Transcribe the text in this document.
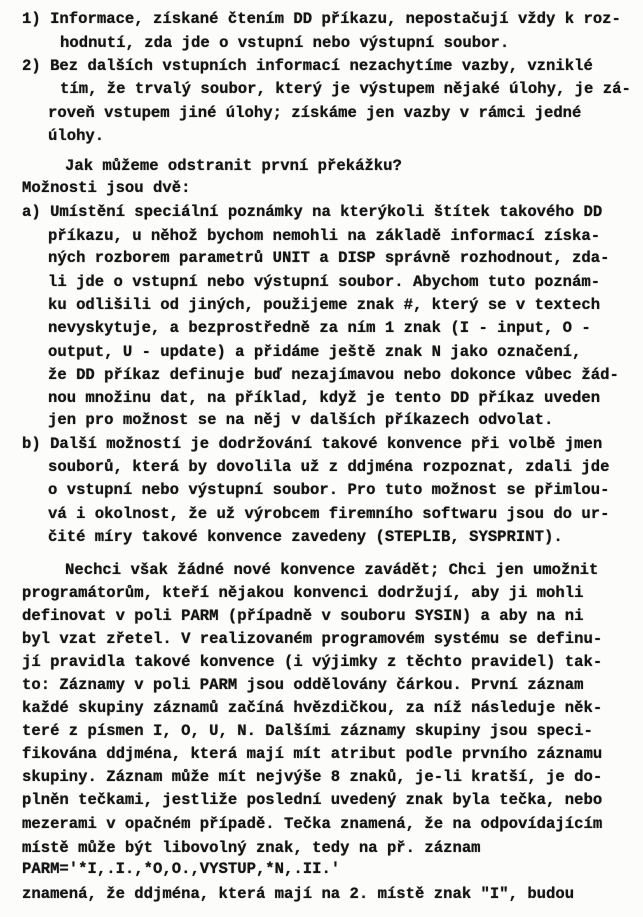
1) Informace, získané čtením DD příkazu, nepostačují vždy k roz-
hodnutí, zda jde o vstupní nebo výstupní soubor.
2) Bez dalších vstupních informací nezachytíme vazby, vzniklé
tím, že trvalý soubor, který je výstupem nějaké úlohy, je zá-
roveň vstupem jiné úlohy; získáme jen vazby v rámci jedné
úlohy.
Jak můžeme odstranit první překážku?
Možnosti jsou dvě:
a) Umístění speciální poznámky na kterýkoli štítek takového DD
příkazu, u něhož bychom nemohli na základě informací získa-
ných rozborem parametrů UNIT a DISP správně rozhodnout, zda-
li jde o vstupní nebo výstupní soubor. Abychom tuto poznám-
ku odlišili od jiných, použijeme znak #, který se v textech
nevyskytuje, a bezprostředně za ním 1 znak (I - input, O -
output, U - update) a přidáme ještě znak N jako označení,
že DD příkaz definuje buď nezajímavou nebo dokonce vůbec žád-
nou množinu dat, na příklad, když je tento DD příkaz uveden
jen pro možnost se na něj v dalších příkazech odvolat.
b) Další možností je dodržování takové konvence při volbě jmen
souborů, která by dovolila už z ddjména rozpoznat, zdali jde
o vstupní nebo výstupní soubor. Pro tuto možnost se přimlou-
vá i okolnost, že už výrobcem firemního softwaru jsou do ur-
čité míry takové konvence zavedeny (STEPLIB, SYSPRINT).
Nechci však žádné nové konvence zavádět; Chci jen umožnit
programátorům, kteří nějakou konvenci dodržují, aby ji mohli
definovat v poli PARM (případně v souboru SYSIN) a aby na ni
byl vzat zřetel. V realizovaném programovém systému se definu-
jí pravidla takové konvence (i výjimky z těchto pravidel) tak-
to: Záznamy v poli PARM jsou oddělovány čárkou. První záznam
každé skupiny záznamů začíná hvězdičkou, za níž následuje něk-
teré z písmen I, O, U, N. Dalšími záznamy skupiny jsou speci-
fikována ddjména, která mají mít atribut podle prvního záznamu
skupiny. Záznam může mít nejvýše 8 znaků, je-li kratší, je do-
plněn tečkami, jestliže poslední uvedený znak byla tečka, nebo
mezerami v opačném případě. Tečka znamená, že na odpovídajícím
místě může být libovolný znak, tedy na př. záznam
PARM='*I,.I.,*O,O.,VYSTUP,*N,.II.'
znamená, že ddjména, která mají na 2. místě znak "I", budou
